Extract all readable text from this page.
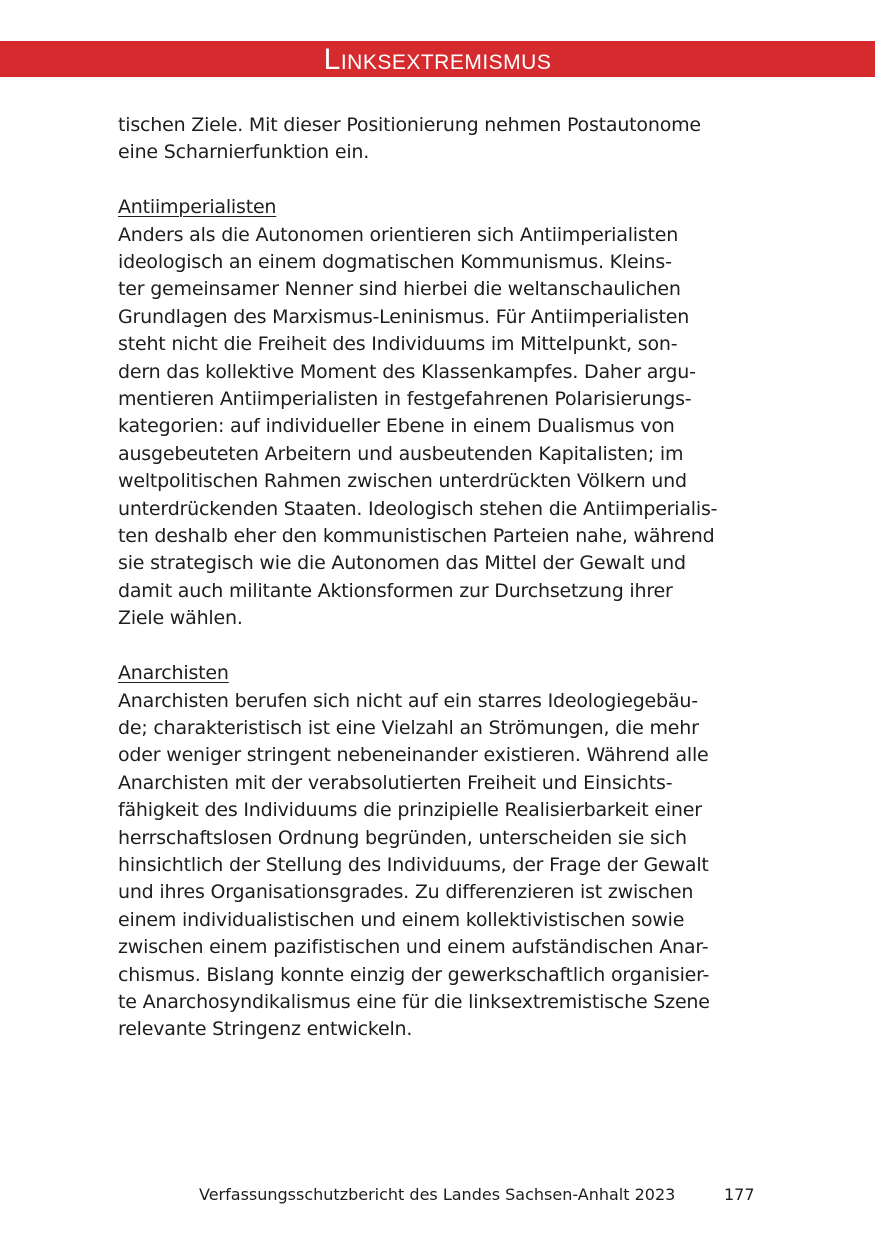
Linksextremismus
tischen Ziele. Mit dieser Positionierung nehmen Postautonome
eine Scharnierfunktion ein.
Antiimperialisten
Anders als die Autonomen orientieren sich Antiimperialisten
ideologisch an einem dogmatischen Kommunismus. Kleins-
ter gemeinsamer Nenner sind hierbei die weltanschaulichen
Grundlagen des Marxismus-Leninismus. Für Antiimperialisten
steht nicht die Freiheit des Individuums im Mittelpunkt, son-
dern das kollektive Moment des Klassenkampfes. Daher argu-
mentieren Antiimperialisten in festgefahrenen Polarisierungs-
kategorien: auf individueller Ebene in einem Dualismus von
ausgebeuteten Arbeitern und ausbeutenden Kapitalisten; im
weltpolitischen Rahmen zwischen unterdrückten Völkern und
unterdrückenden Staaten. Ideologisch stehen die Antiimperialis-
ten deshalb eher den kommunistischen Parteien nahe, während
sie strategisch wie die Autonomen das Mittel der Gewalt und
damit auch militante Aktionsformen zur Durchsetzung ihrer
Ziele wählen.
Anarchisten
Anarchisten berufen sich nicht auf ein starres Ideologiegebäu-
de; charakteristisch ist eine Vielzahl an Strömungen, die mehr
oder weniger stringent nebeneinander existieren. Während alle
Anarchisten mit der verabsolutierten Freiheit und Einsichts-
fähigkeit des Individuums die prinzipielle Realisierbarkeit einer
herrschaftslosen Ordnung begründen, unterscheiden sie sich
hinsichtlich der Stellung des Individuums, der Frage der Gewalt
und ihres Organisationsgrades. Zu differenzieren ist zwischen
einem individualistischen und einem kollektivistischen sowie
zwischen einem pazifistischen und einem aufständischen Anar-
chismus. Bislang konnte einzig der gewerkschaftlich organisier-
te Anarchosyndikalismus eine für die linksextremistische Szene
relevante Stringenz entwickeln.
Verfassungsschutzbericht des Landes Sachsen-Anhalt 2023	177
